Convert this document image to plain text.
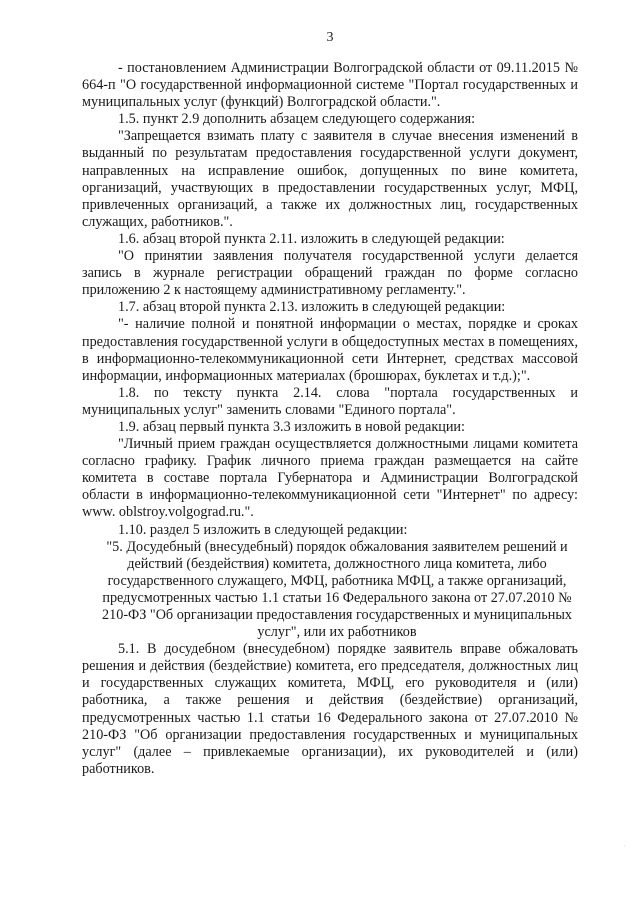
3

- постановлением Администрации Волгоградской области от 09.11.2015 № 664-п "О государственной информационной системе "Портал государственных и муниципальных услуг (функций) Волгоградской области.".

1.5. пункт 2.9 дополнить абзацем следующего содержания:

"Запрещается взимать плату с заявителя в случае внесения изменений в выданный по результатам предоставления государственной услуги документ, направленных на исправление ошибок, допущенных по вине комитета, организаций, участвующих в предоставлении государственных услуг, МФЦ, привлеченных организаций, а также их должностных лиц, государственных служащих, работников.".

1.6. абзац второй пункта 2.11. изложить в следующей редакции:

"О принятии заявления получателя государственной услуги делается запись в журнале регистрации обращений граждан по форме согласно приложению 2 к настоящему административному регламенту.".

1.7. абзац второй пункта 2.13. изложить в следующей редакции:

"- наличие полной и понятной информации о местах, порядке и сроках предоставления государственной услуги в общедоступных местах в помещениях, в информационно-телекоммуникационной сети Интернет, средствах массовой информации, информационных материалах (брошюрах, буклетах и т.д.);".

1.8. по тексту пункта 2.14. слова "портала государственных и муниципальных услуг" заменить словами "Единого портала".

1.9. абзац первый пункта 3.3 изложить в новой редакции:

"Личный прием граждан осуществляется должностными лицами комитета согласно графику. График личного приема граждан размещается на сайте комитета в составе портала Губернатора и Администрации Волгоградской области в информационно-телекоммуникационной сети "Интернет" по адресу: www. oblstroy.volgograd.ru.".

1.10. раздел 5 изложить в следующей редакции:

"5. Досудебный (внесудебный) порядок обжалования заявителем решений и действий (бездействия) комитета, должностного лица комитета, либо государственного служащего, МФЦ, работника МФЦ, а также организаций, предусмотренных частью 1.1 статьи 16 Федерального закона от 27.07.2010 № 210-ФЗ "Об организации предоставления государственных и муниципальных услуг", или их работников

5.1. В досудебном (внесудебном) порядке заявитель вправе обжаловать решения и действия (бездействие) комитета, его председателя, должностных лиц и государственных служащих комитета, МФЦ, его руководителя и (или) работника, а также решения и действия (бездействие) организаций, предусмотренных частью 1.1 статьи 16 Федерального закона от 27.07.2010 № 210-ФЗ "Об организации предоставления государственных и муниципальных услуг" (далее – привлекаемые организации), их руководителей и (или) работников.

·
